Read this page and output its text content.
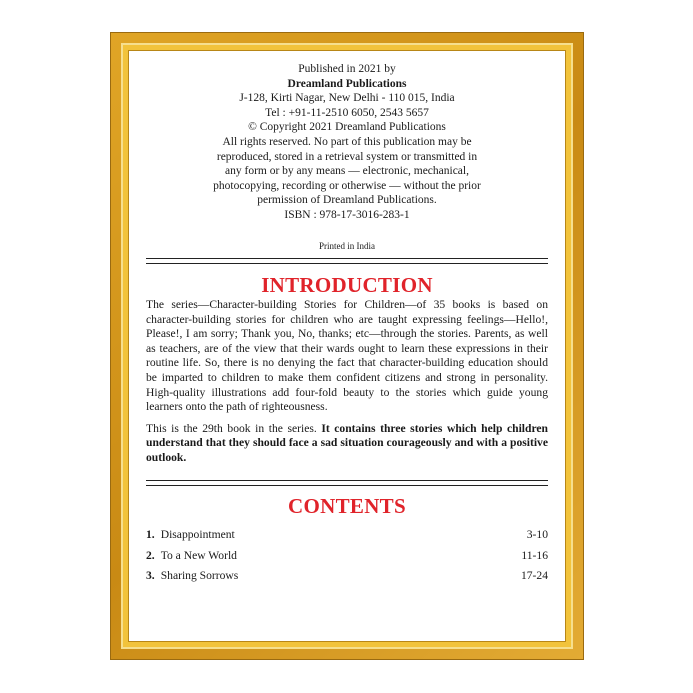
Published in 2021 by
Dreamland Publications
J-128, Kirti Nagar, New Delhi - 110 015, India
Tel : +91-11-2510 6050, 2543 5657
© Copyright 2021 Dreamland Publications
All rights reserved. No part of this publication may be
reproduced, stored in a retrieval system or transmitted in
any form or by any means — electronic, mechanical,
photocopying, recording or otherwise — without the prior
permission of Dreamland Publications.
ISBN : 978-17-3016-283-1
Printed in India
INTRODUCTION

The series—Character-building Stories for Children—of 35 books is based on character-building stories for children who are taught expressing feelings—Hello!, Please!, I am sorry; Thank you, No, thanks; etc—through the stories. Parents, as well as teachers, are of the view that their wards ought to learn these expressions in their routine life. So, there is no denying the fact that character-building education should be imparted to children to make them confident citizens and strong in personality. High-quality illustrations add four-fold beauty to the stories which guide young learners onto the path of righteousness.

This is the 29th book in the series. It contains three stories which help children understand that they should face a sad situation courageously and with a positive outlook.

CONTENTS
1. Disappointment	3-10
2. To a New World	11-16
3. Sharing Sorrows	17-24
